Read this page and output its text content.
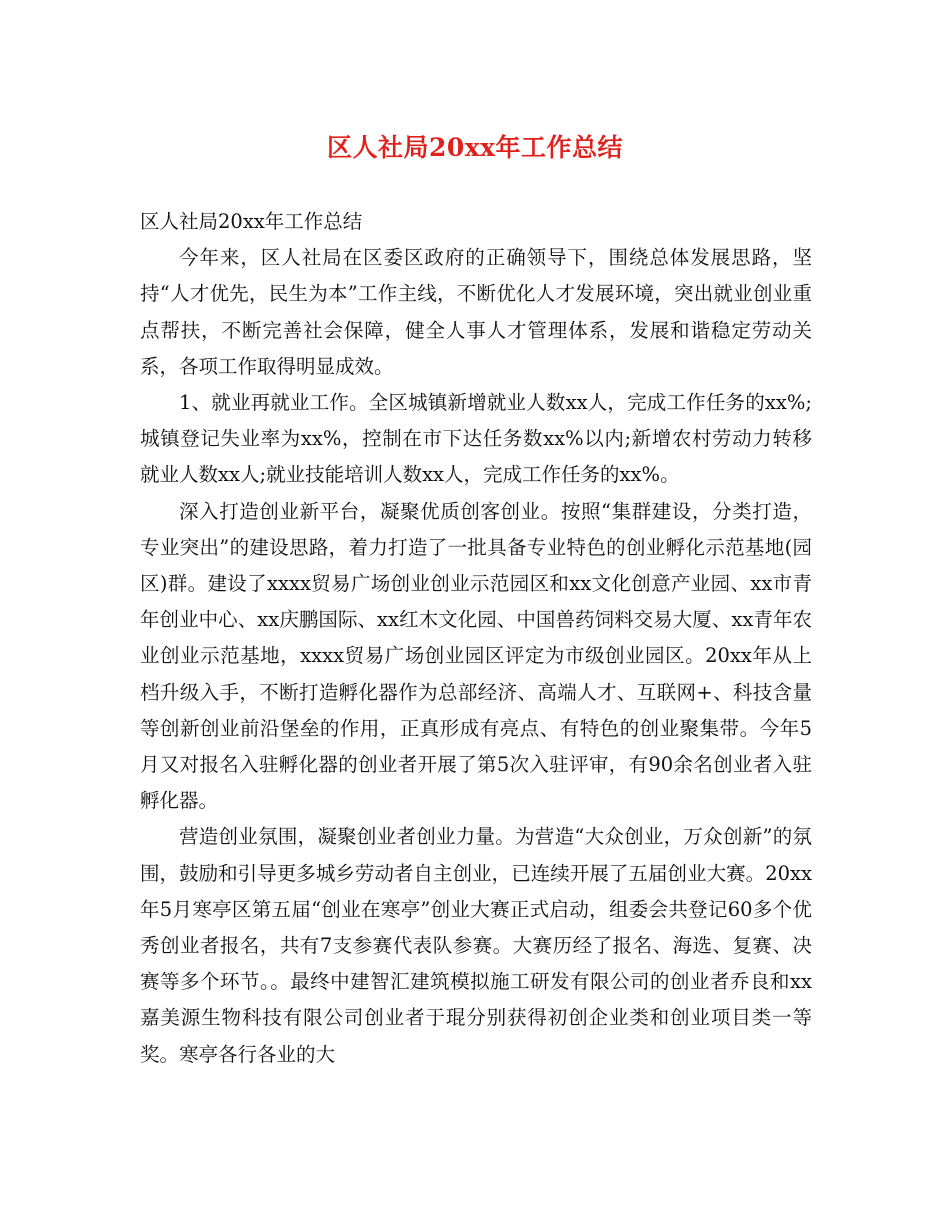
区人社局20xx年工作总结

区人社局20xx年工作总结

今年来，区人社局在区委区政府的正确领导下，围绕总体发展思路，坚持“人才优先，民生为本”工作主线，不断优化人才发展环境，突出就业创业重点帮扶，不断完善社会保障，健全人事人才管理体系，发展和谐稳定劳动关系，各项工作取得明显成效。

1、就业再就业工作。全区城镇新增就业人数xx人，完成工作任务的xx%;城镇登记失业率为xx%，控制在市下达任务数xx%以内;新增农村劳动力转移就业人数xx人;就业技能培训人数xx人，完成工作任务的xx%。

深入打造创业新平台，凝聚优质创客创业。按照“集群建设，分类打造，专业突出”的建设思路，着力打造了一批具备专业特色的创业孵化示范基地(园区)群。建设了xxxx贸易广场创业创业示范园区和xx文化创意产业园、xx市青年创业中心、xx庆鹏国际、xx红木文化园、中国兽药饲料交易大厦、xx青年农业创业示范基地，xxxx贸易广场创业园区评定为市级创业园区。20xx年从上档升级入手，不断打造孵化器作为总部经济、高端人才、互联网+、科技含量等创新创业前沿堡垒的作用，正真形成有亮点、有特色的创业聚集带。今年5月又对报名入驻孵化器的创业者开展了第5次入驻评审，有90余名创业者入驻孵化器。

营造创业氛围，凝聚创业者创业力量。为营造“大众创业，万众创新”的氛围，鼓励和引导更多城乡劳动者自主创业，已连续开展了五届创业大赛。20xx年5月寒亭区第五届“创业在寒亭”创业大赛正式启动，组委会共登记60多个优秀创业者报名，共有7支参赛代表队参赛。大赛历经了报名、海选、复赛、决赛等多个环节。。最终中建智汇建筑模拟施工研发有限公司的创业者乔良和xx嘉美源生物科技有限公司创业者于琨分别获得初创企业类和创业项目类一等奖。寒亭各行各业的大
